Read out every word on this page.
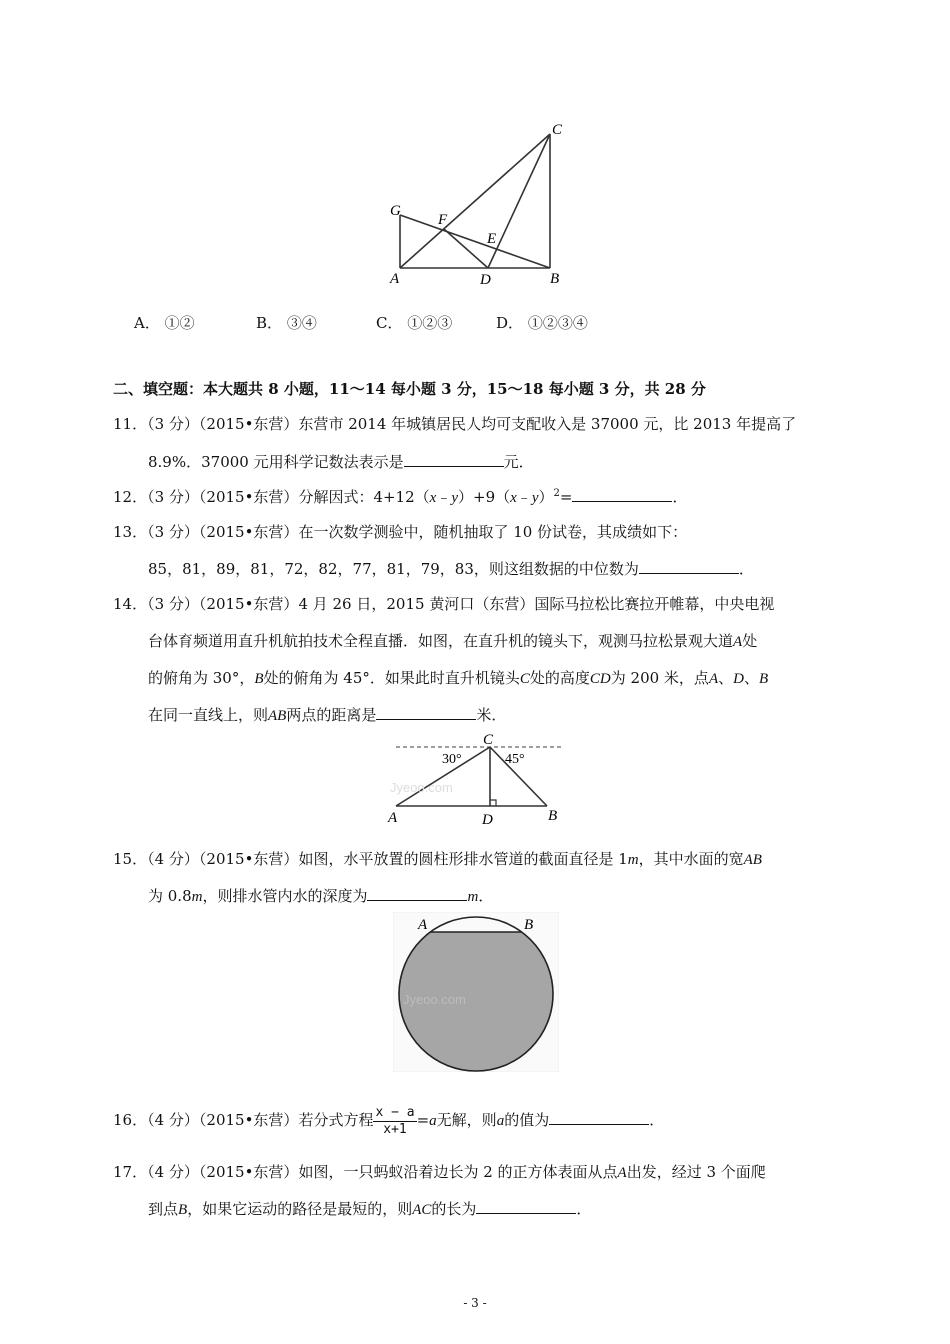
C
G
F
E
A	D	B
A． ①②	B． ③④	C． ①②③	D． ①②③④
二、填空题：本大题共 8 小题，11～14 每小题 3 分，15～18 每小题 3 分，共 28 分
11．（3 分）（2015•东营）东营市 2014 年城镇居民人均可支配收入是 37000 元，比 2013 年提高了
8.9%．37000 元用科学记数法表示是	元．
12．（3 分）（2015•东营）分解因式：4+12（x﹣y）+9（x﹣y）$^2$=	．
13．（3 分）（2015•东营）在一次数学测验中，随机抽取了 10 份试卷，其成绩如下：
85，81，89，81，72，82，77，81，79，83，则这组数据的中位数为	．
14．（3 分）（2015•东营）4 月 26 日，2015 黄河口（东营）国际马拉松比赛拉开帷幕，中央电视
台体育频道用直升机航拍技术全程直播．如图，在直升机的镜头下，观测马拉松景观大道A处
的俯角为 30°，B处的俯角为 45°．如果此时直升机镜头C处的高度CD为 200 米，点A、D、B
在同一直线上，则AB两点的距离是	米．
Jyeoo.com
C
30°	45°
A	D	B
15．（4 分）（2015•东营）如图，水平放置的圆柱形排水管道的截面直径是 1m，其中水面的宽AB
为 0.8m，则排水管内水的深度为	m．
Jyeoo.com
A	B
16．（4 分）（2015•东营）若分式方程 $\frac{x - a}{x+1} =a$无解，则a的值为	．
17．（4 分）（2015•东营）如图，一只蚂蚁沿着边长为 2 的正方体表面从点A出发，经过 3 个面爬
到点B，如果它运动的路径是最短的，则AC的长为	．
- 3 -
